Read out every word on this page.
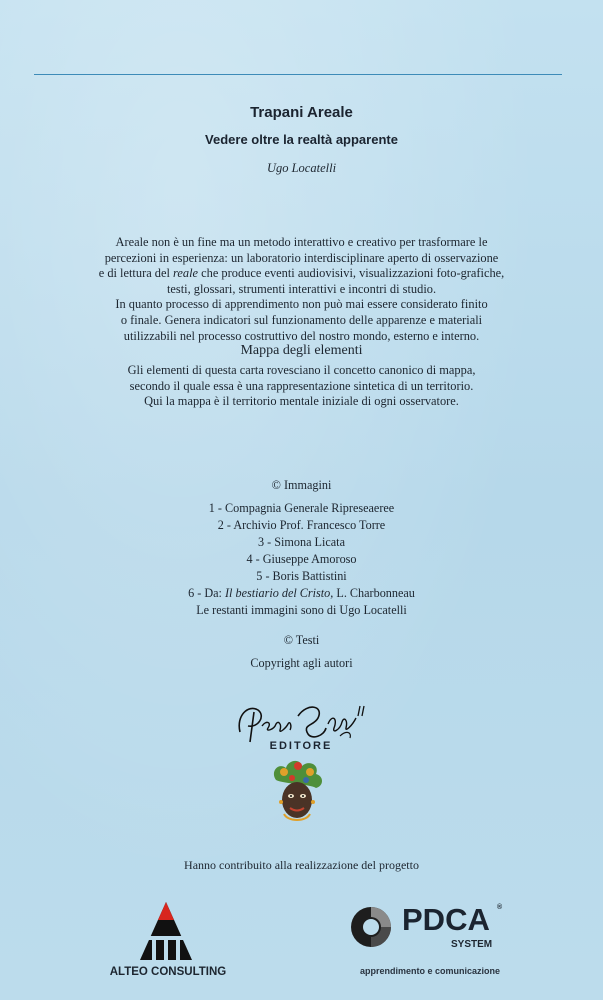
Trapani Areale
Vedere oltre la realtà apparente
Ugo Locatelli
Areale non è un fine ma un metodo interattivo e creativo per trasformare le
percezioni in esperienza: un laboratorio interdisciplinare aperto di osservazione
e di lettura del reale che produce eventi audiovisivi, visualizzazioni foto-grafiche,
testi, glossari, strumenti interattivi e incontri di studio.
In quanto processo di apprendimento non può mai essere considerato finito
o finale. Genera indicatori sul funzionamento delle apparenze e materiali
utilizzabili nel processo costruttivo del nostro mondo, esterno e interno.
Mappa degli elementi
Gli elementi di questa carta rovesciano il concetto canonico di mappa,
secondo il quale essa è una rappresentazione sintetica di un territorio.
Qui la mappa è il territorio mentale iniziale di ogni osservatore.
© Immagini
1 - Compagnia Generale Ripreseaeree
2 - Archivio Prof. Francesco Torre
3 - Simona Licata
4 - Giuseppe Amoroso
5 - Boris Battistini
6 - Da: Il bestiario del Cristo, L. Charbonneau
Le restanti immagini sono di Ugo Locatelli
© Testi
Copyright agli autori
EDITORE
Hanno contribuito alla realizzazione del progetto
ALTEO CONSULTING
PDCA ®
SYSTEM
apprendimento e comunicazione
